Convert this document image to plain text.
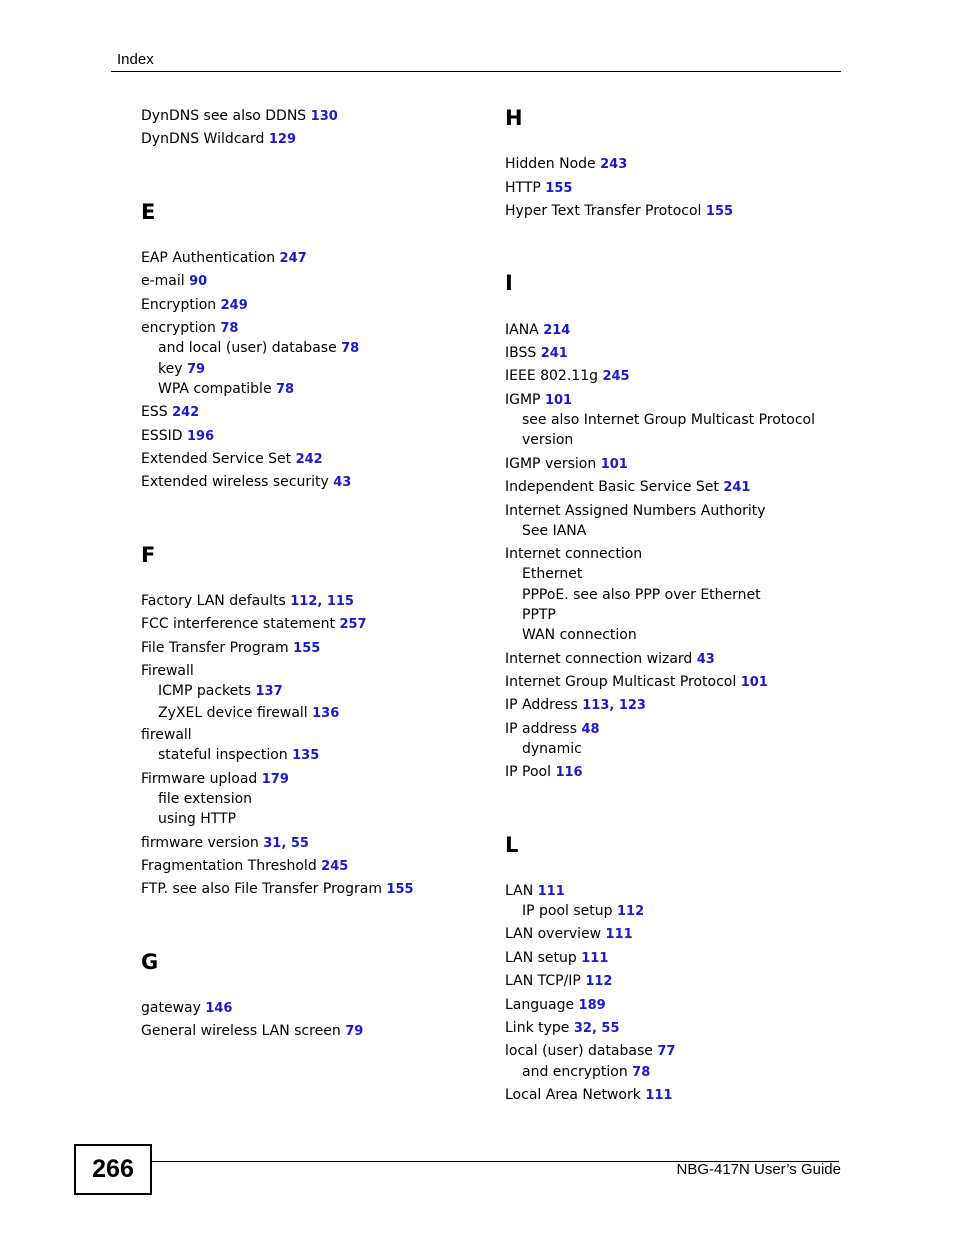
Index
DynDNS see also DDNS 130
DynDNS Wildcard 129
E
EAP Authentication 247
e-mail 90
Encryption 249
encryption 78
and local (user) database 78
key 79
WPA compatible 78
ESS 242
ESSID 196
Extended Service Set 242
Extended wireless security 43
F
Factory LAN defaults 112, 115
FCC interference statement 257
File Transfer Program 155
Firewall
ICMP packets 137
ZyXEL device firewall 136
firewall
stateful inspection 135
Firmware upload 179
file extension
using HTTP
firmware version 31, 55
Fragmentation Threshold 245
FTP. see also File Transfer Program 155
G
gateway 146
General wireless LAN screen 79
H
Hidden Node 243
HTTP 155
Hyper Text Transfer Protocol 155
I
IANA 214
IBSS 241
IEEE 802.11g 245
IGMP 101
see also Internet Group Multicast Protocol
version
IGMP version 101
Independent Basic Service Set 241
Internet Assigned Numbers Authority
See IANA
Internet connection
Ethernet
PPPoE. see also PPP over Ethernet
PPTP
WAN connection
Internet connection wizard 43
Internet Group Multicast Protocol 101
IP Address 113, 123
IP address 48
dynamic
IP Pool 116
L
LAN 111
IP pool setup 112
LAN overview 111
LAN setup 111
LAN TCP/IP 112
Language 189
Link type 32, 55
local (user) database 77
and encryption 78
Local Area Network 111
266	NBG-417N User’s Guide
